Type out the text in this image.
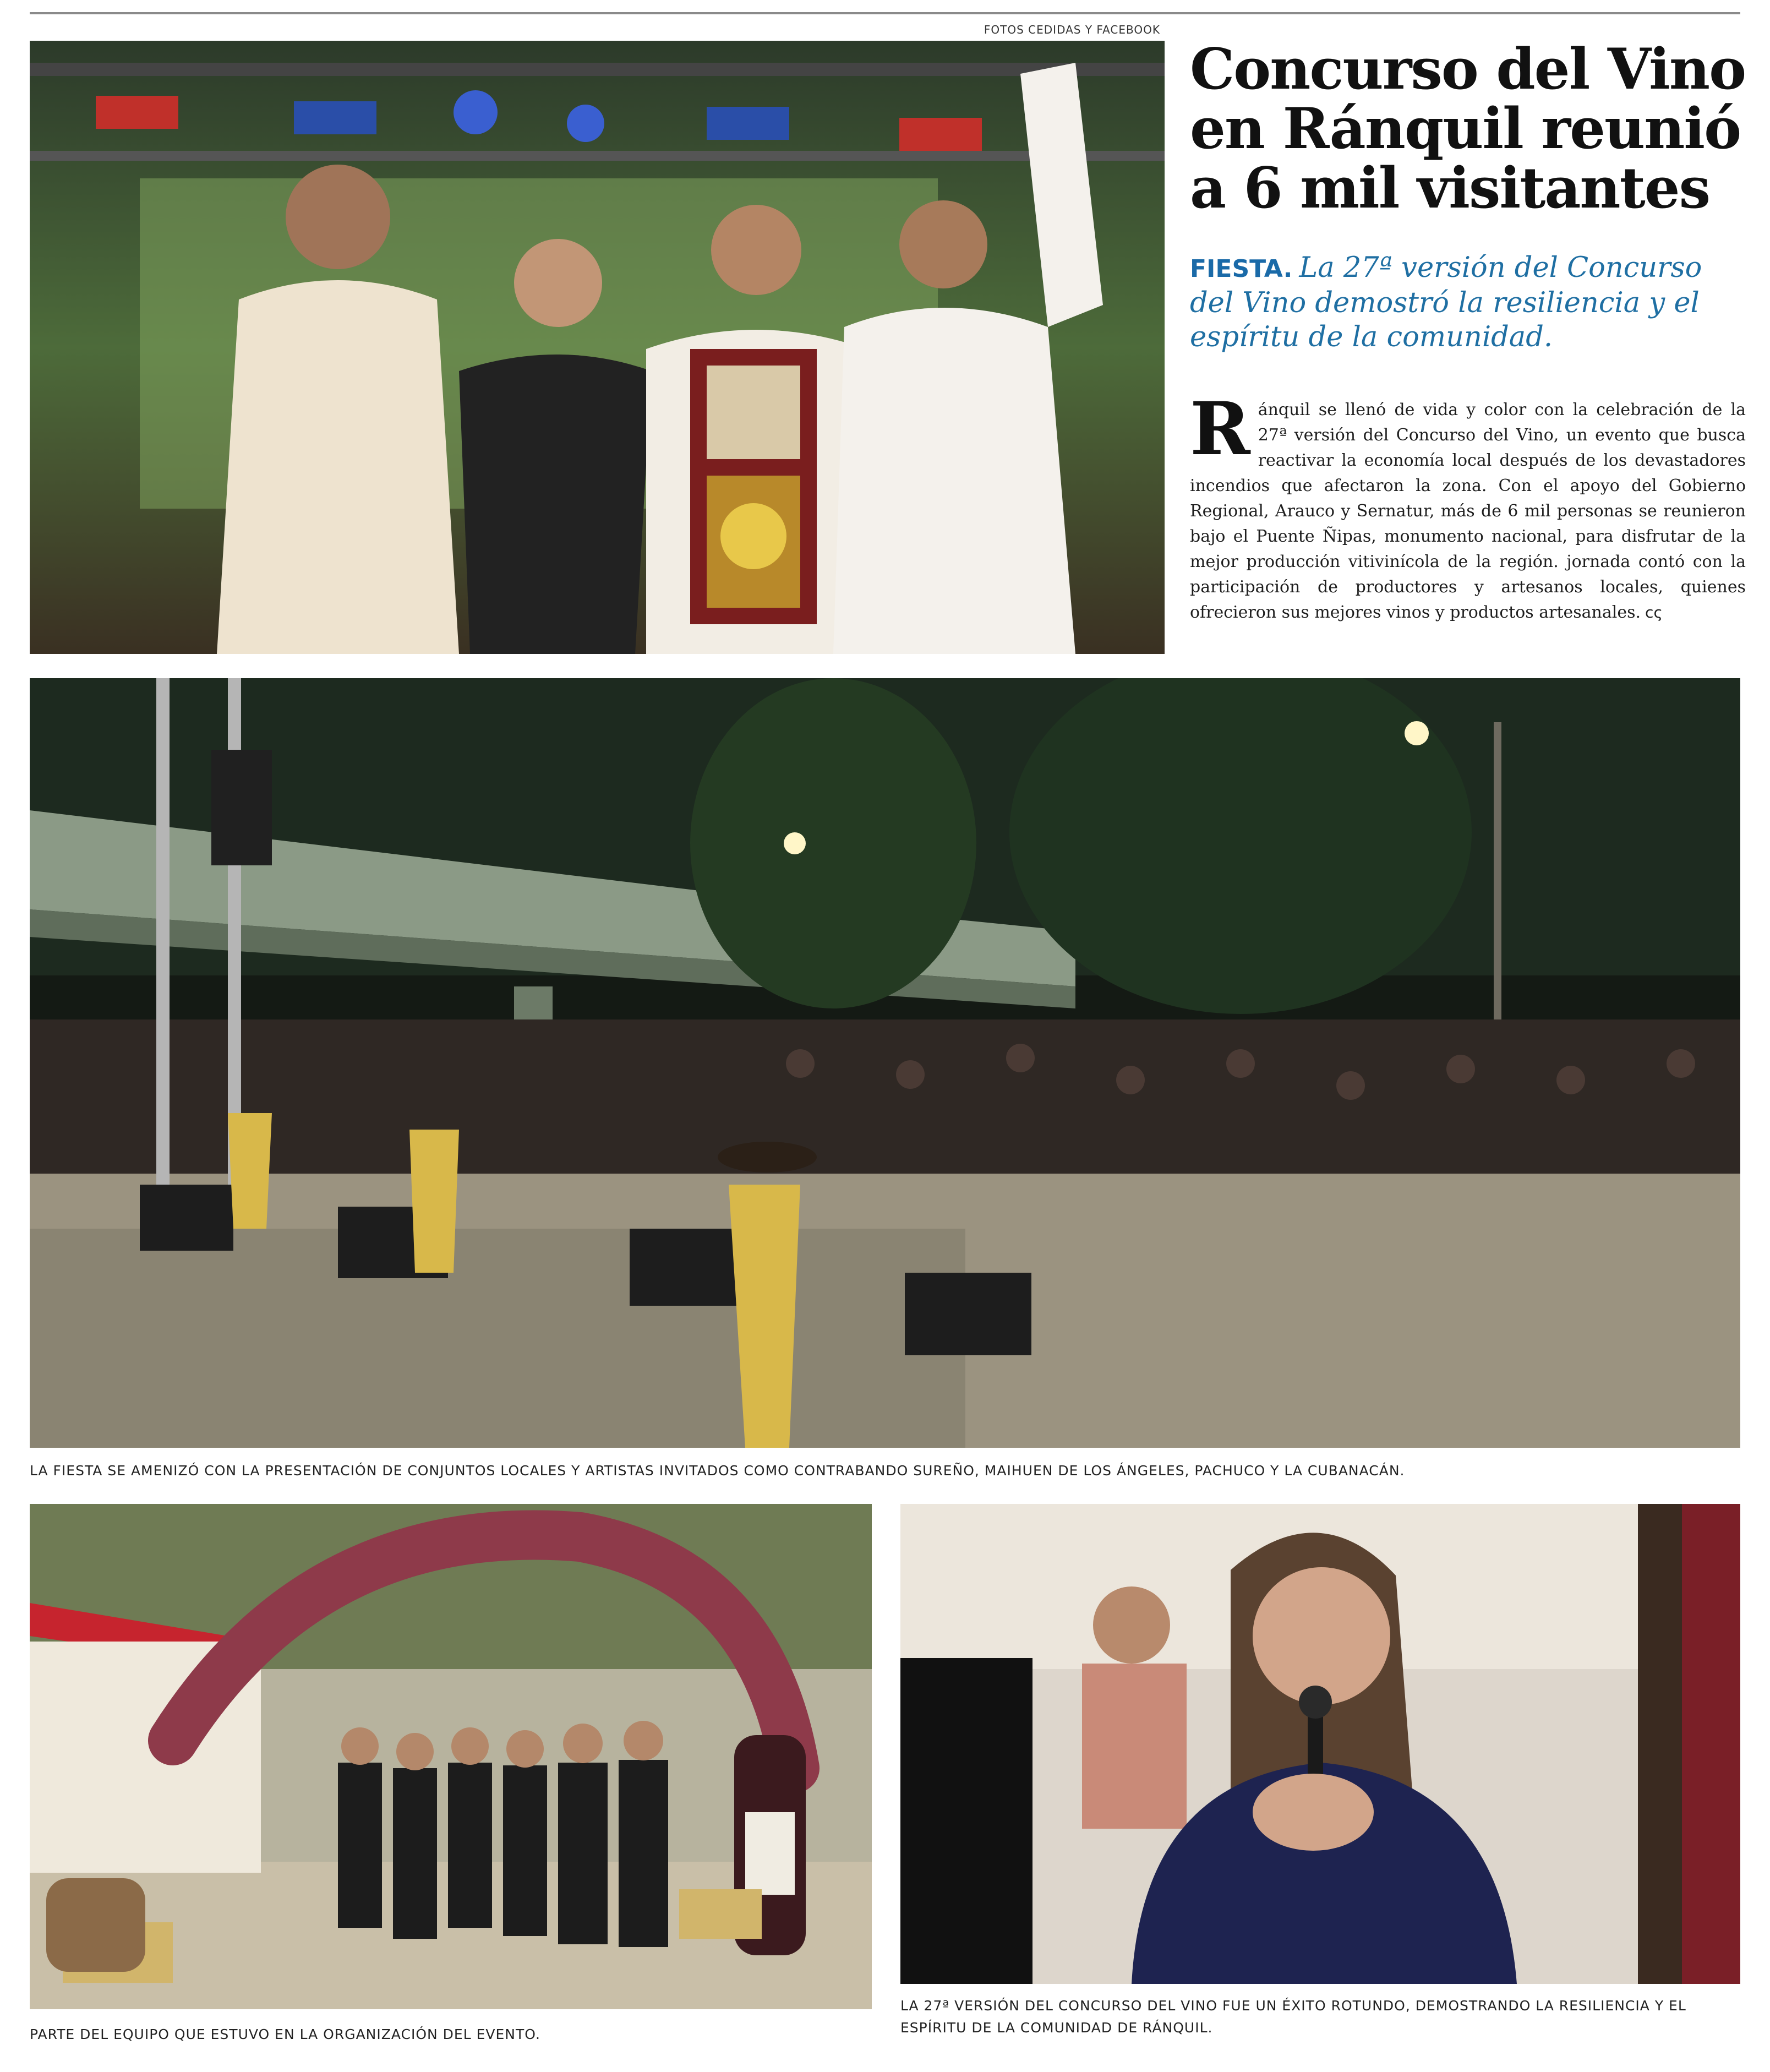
FOTOS CEDIDAS Y FACEBOOK
Concurso del Vino en Ránquil reunió a 6 mil visitantes
FIESTA. La 27ª versión del Concurso del Vino demostró la resiliencia y el espíritu de la comunidad.
Ránquil se llenó de vida y color con la celebración de la 27ª versión del Concurso del Vino, un evento que busca reactivar la economía local después de los devastadores incendios que afectaron la zona. Con el apoyo del Gobierno Regional, Arauco y Sernatur, más de 6 mil personas se reunieron bajo el Puente Ñipas, monumento nacional, para disfrutar de la mejor producción vitivinícola de la región. jornada contó con la participación de productores y artesanos locales, quienes ofrecieron sus mejores vinos y productos artesanales. ϲς
LA FIESTA SE AMENIZÓ CON LA PRESENTACIÓN DE CONJUNTOS LOCALES Y ARTISTAS INVITADOS COMO CONTRABANDO SUREÑO, MAIHUEN DE LOS ÁNGELES, PACHUCO Y LA CUBANACÁN.
PARTE DEL EQUIPO QUE ESTUVO EN LA ORGANIZACIÓN DEL EVENTO.
LA 27ª VERSIÓN DEL CONCURSO DEL VINO FUE UN ÉXITO ROTUNDO, DEMOSTRANDO LA RESILIENCIA Y EL ESPÍRITU DE LA COMUNIDAD DE RÁNQUIL.
